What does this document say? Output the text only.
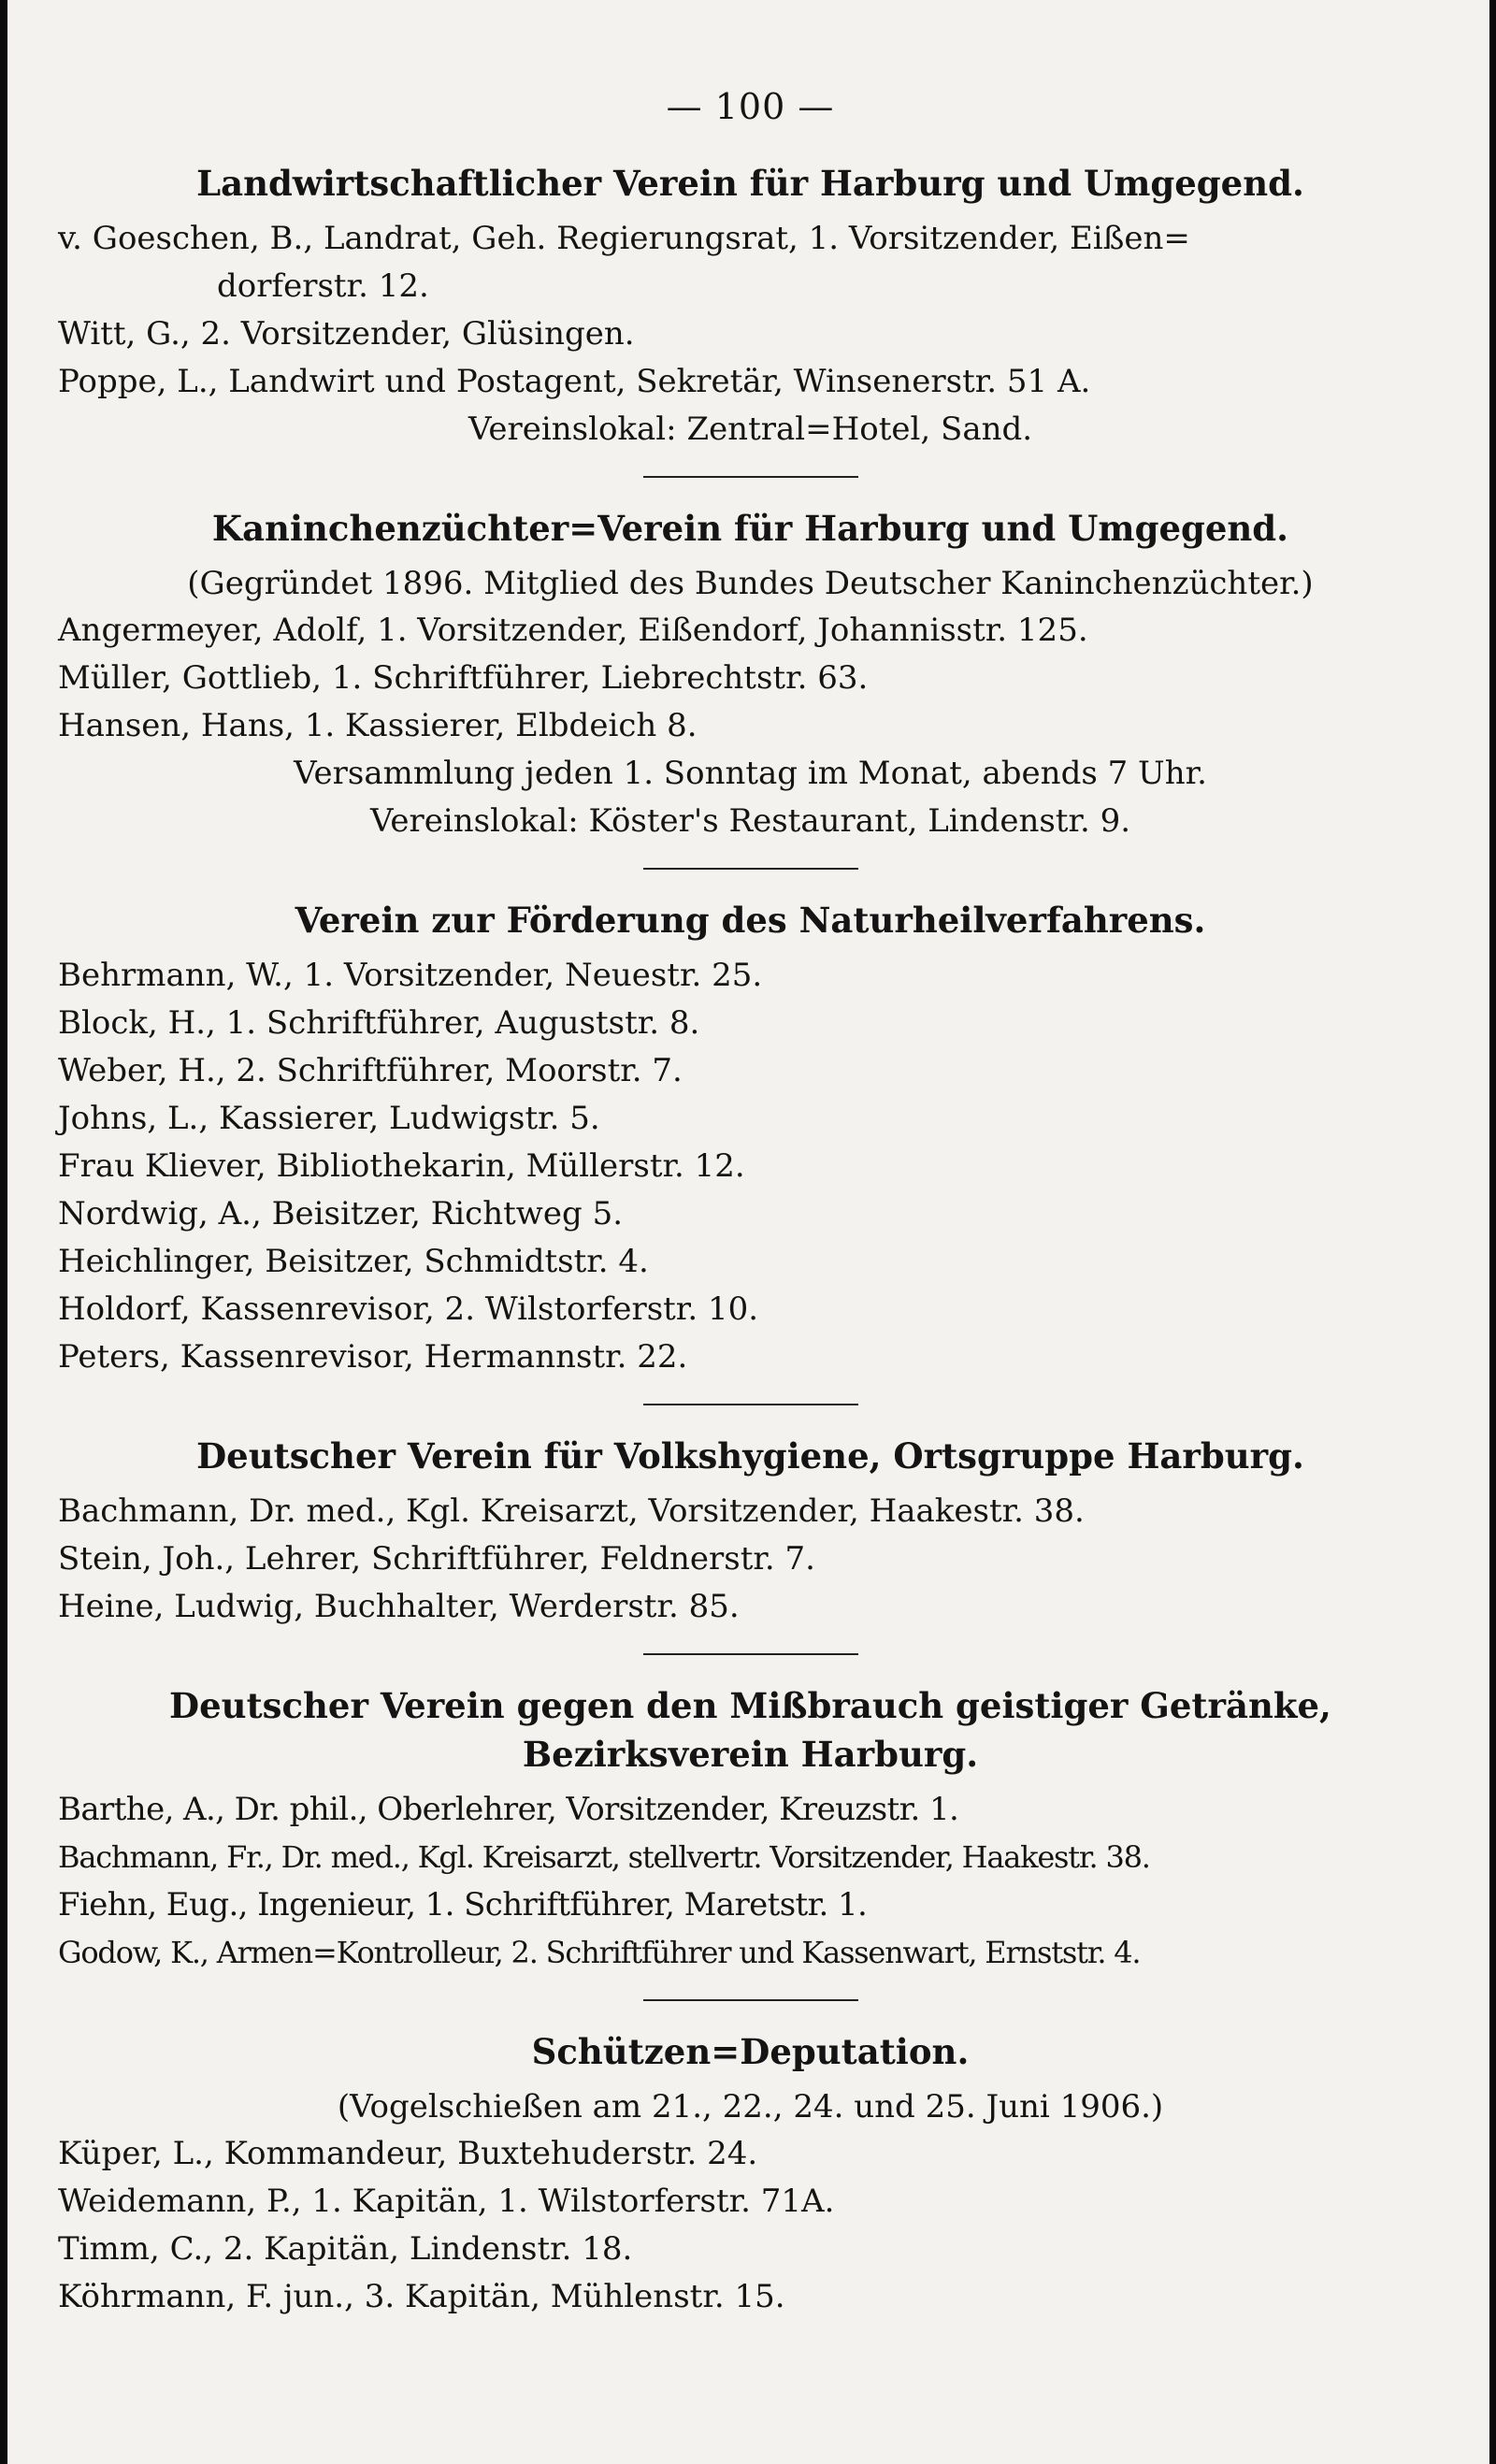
— 100 —
Landwirtschaftlicher Verein für Harburg und Umgegend.
v. Goeschen, B., Landrat, Geh. Regierungsrat, 1. Vorsitzender, Eißen=
dorferstr. 12.
Witt, G., 2. Vorsitzender, Glüsingen.
Poppe, L., Landwirt und Postagent, Sekretär, Winsenerstr. 51 A.
Vereinslokal: Zentral=Hotel, Sand.
Kaninchenzüchter=Verein für Harburg und Umgegend.
(Gegründet 1896. Mitglied des Bundes Deutscher Kaninchenzüchter.)
Angermeyer, Adolf, 1. Vorsitzender, Eißendorf, Johannisstr. 125.
Müller, Gottlieb, 1. Schriftführer, Liebrechtstr. 63.
Hansen, Hans, 1. Kassierer, Elbdeich 8.
Versammlung jeden 1. Sonntag im Monat, abends 7 Uhr.
Vereinslokal: Köster's Restaurant, Lindenstr. 9.
Verein zur Förderung des Naturheilverfahrens.
Behrmann, W., 1. Vorsitzender, Neuestr. 25.
Block, H., 1. Schriftführer, Auguststr. 8.
Weber, H., 2. Schriftführer, Moorstr. 7.
Johns, L., Kassierer, Ludwigstr. 5.
Frau Kliever, Bibliothekarin, Müllerstr. 12.
Nordwig, A., Beisitzer, Richtweg 5.
Heichlinger, Beisitzer, Schmidtstr. 4.
Holdorf, Kassenrevisor, 2. Wilstorferstr. 10.
Peters, Kassenrevisor, Hermannstr. 22.
Deutscher Verein für Volkshygiene, Ortsgruppe Harburg.
Bachmann, Dr. med., Kgl. Kreisarzt, Vorsitzender, Haakestr. 38.
Stein, Joh., Lehrer, Schriftführer, Feldnerstr. 7.
Heine, Ludwig, Buchhalter, Werderstr. 85.
Deutscher Verein gegen den Mißbrauch geistiger Getränke,
Bezirksverein Harburg.
Barthe, A., Dr. phil., Oberlehrer, Vorsitzender, Kreuzstr. 1.
Bachmann, Fr., Dr. med., Kgl. Kreisarzt, stellvertr. Vorsitzender, Haakestr. 38.
Fiehn, Eug., Ingenieur, 1. Schriftführer, Maretstr. 1.
Godow, K., Armen=Kontrolleur, 2. Schriftführer und Kassenwart, Ernststr. 4.
Schützen=Deputation.
(Vogelschießen am 21., 22., 24. und 25. Juni 1906.)
Küper, L., Kommandeur, Buxtehuderstr. 24.
Weidemann, P., 1. Kapitän, 1. Wilstorferstr. 71A.
Timm, C., 2. Kapitän, Lindenstr. 18.
Köhrmann, F. jun., 3. Kapitän, Mühlenstr. 15.
